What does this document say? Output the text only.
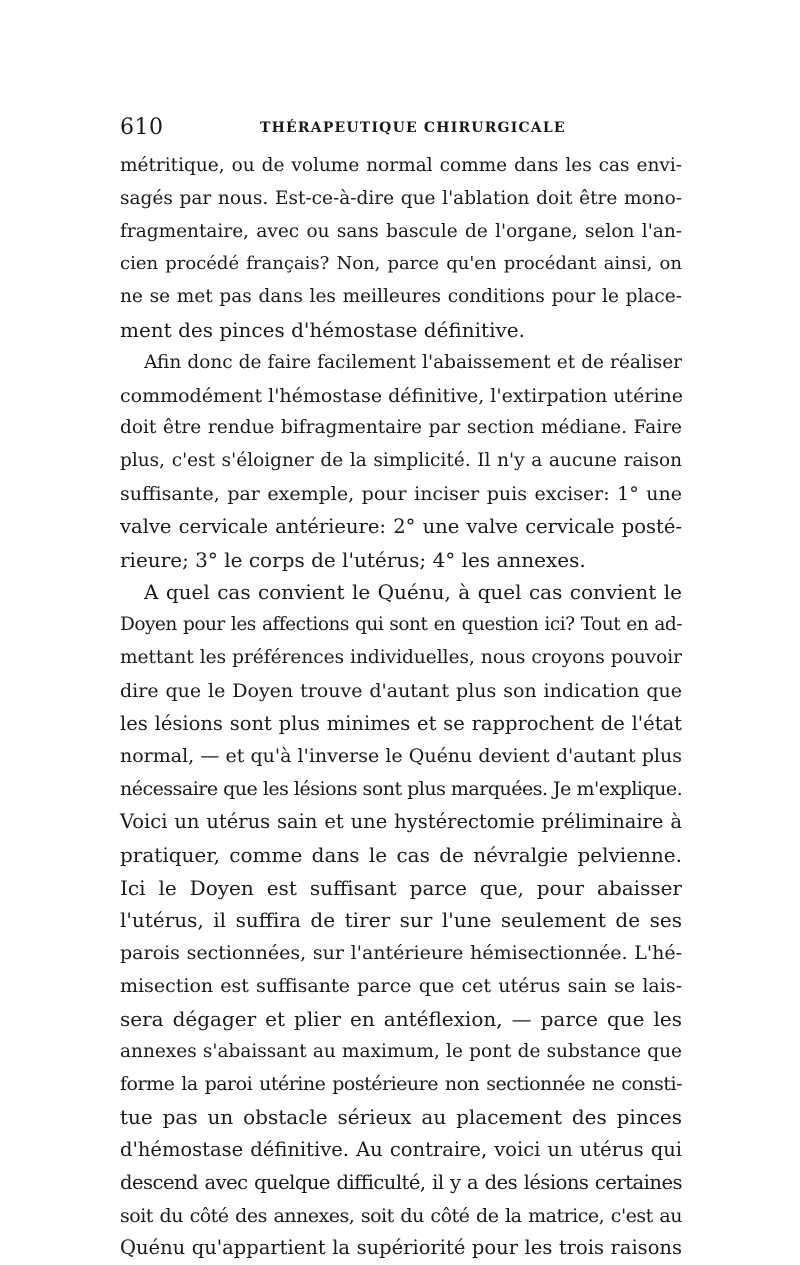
610	THÉRAPEUTIQUE CHIRURGICALE
métritique, ou de volume normal comme dans les cas envi-
sagés par nous. Est-ce-à-dire que l'ablation doit être mono-
fragmentaire, avec ou sans bascule de l'organe, selon l'an-
cien procédé français? Non, parce qu'en procédant ainsi, on
ne se met pas dans les meilleures conditions pour le place-
ment des pinces d'hémostase définitive.
Afin donc de faire facilement l'abaissement et de réaliser
commodément l'hémostase définitive, l'extirpation utérine
doit être rendue bifragmentaire par section médiane. Faire
plus, c'est s'éloigner de la simplicité. Il n'y a aucune raison
suffisante, par exemple, pour inciser puis exciser: 1° une
valve cervicale antérieure: 2° une valve cervicale posté-
rieure; 3° le corps de l'utérus; 4° les annexes.
A quel cas convient le Quénu, à quel cas convient le
Doyen pour les affections qui sont en question ici? Tout en ad-
mettant les préférences individuelles, nous croyons pouvoir
dire que le Doyen trouve d'autant plus son indication que
les lésions sont plus minimes et se rapprochent de l'état
normal, — et qu'à l'inverse le Quénu devient d'autant plus
nécessaire que les lésions sont plus marquées. Je m'explique.
Voici un utérus sain et une hystérectomie préliminaire à
pratiquer, comme dans le cas de névralgie pelvienne.
Ici le Doyen est suffisant parce que, pour abaisser
l'utérus, il suffira de tirer sur l'une seulement de ses
parois sectionnées, sur l'antérieure hémisectionnée. L'hé-
misection est suffisante parce que cet utérus sain se lais-
sera dégager et plier en antéflexion, — parce que les
annexes s'abaissant au maximum, le pont de substance que
forme la paroi utérine postérieure non sectionnée ne consti-
tue pas un obstacle sérieux au placement des pinces
d'hémostase définitive. Au contraire, voici un utérus qui
descend avec quelque difficulté, il y a des lésions certaines
soit du côté des annexes, soit du côté de la matrice, c'est au
Quénu qu'appartient la supériorité pour les trois raisons
